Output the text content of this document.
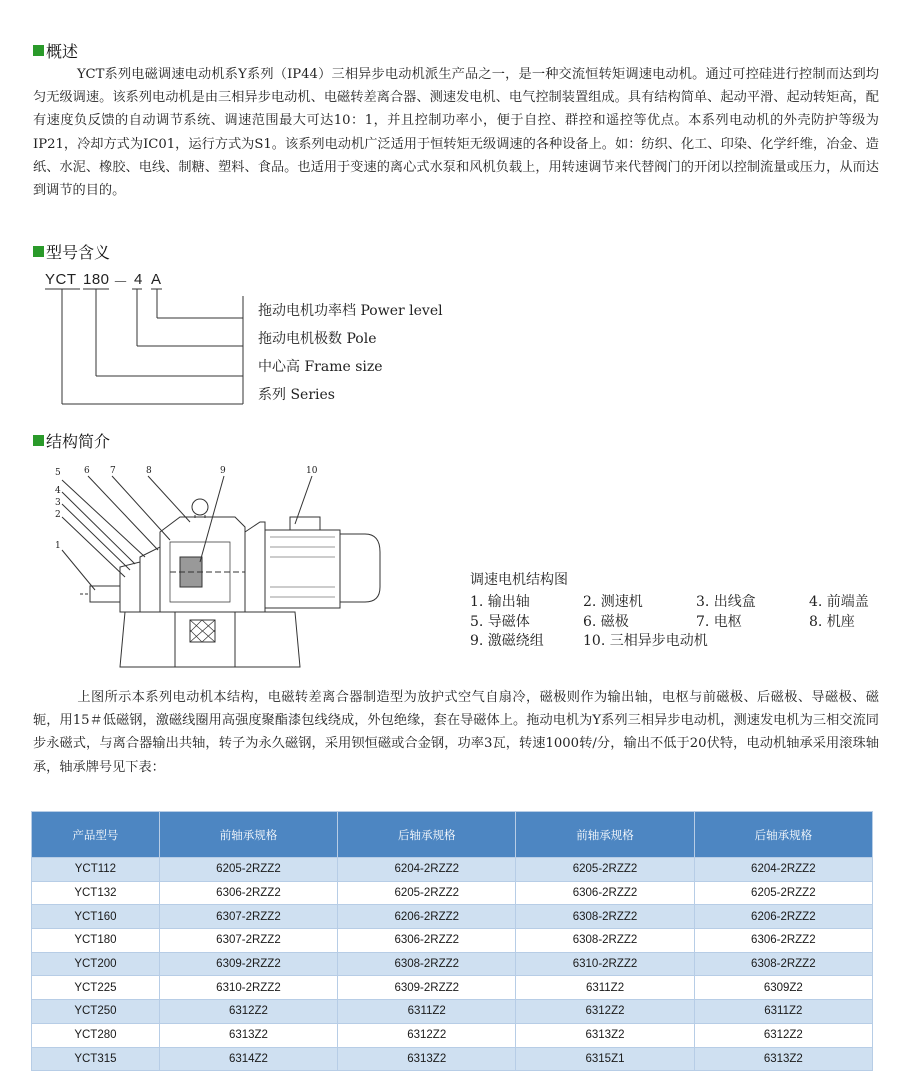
概述
YCT系列电磁调速电动机系Y系列（IP44）三相异步电动机派生产品之一，是一种交流恒转矩调速电动机。通过可控硅进行控制而达到均匀无级调速。该系列电动机是由三相异步电动机、电磁转差离合器、测速发电机、电气控制装置组成。具有结构简单、起动平滑、起动转矩高，配有速度负反馈的自动调节系统、调速范围最大可达10：1，并且控制功率小，便于自控、群控和遥控等优点。本系列电动机的外壳防护等级为IP21，冷却方式为IC01，运行方式为S1。该系列电动机广泛适用于恒转矩无级调速的各种设备上。如：纺织、化工、印染、化学纤维，冶金、造纸、水泥、橡胶、电线、制糖、塑料、食品。也适用于变速的离心式水泵和风机负载上，用转速调节来代替阀门的开闭以控制流量或压力，从而达到调节的目的。
型号含义
YCT 180 － 4 A
拖动电机功率档 Power level
拖动电机极数 Pole
中心高 Frame size
系列 Series
结构简介
1
2
3
4
5	6 7	8	9	10
调速电机结构图
1. 输出轴	2. 测速机	3. 出线盒	4. 前端盖
5. 导磁体	6. 磁极	7. 电枢	8. 机座
9. 激磁绕组	10. 三相异步电动机
上图所示本系列电动机本结构，电磁转差离合器制造型为放护式空气自扇冷，磁极则作为输出轴，电枢与前磁极、后磁极、导磁极、磁轭，用15＃低磁钢，激磁线圈用高强度聚酯漆包线绕成，外包绝缘，套在导磁体上。拖动电机为Y系列三相异步电动机，测速发电机为三相交流同步永磁式，与离合器输出共轴，转子为永久磁钢，采用钡恒磁或合金钢，功率3瓦，转速1000转/分，输出不低于20伏特，电动机轴承采用滚珠轴承，轴承牌号见下表：
产品型号	前轴承规格	后轴承规格	前轴承规格	后轴承规格
YCT112	6205-2RZZ2	6204-2RZZ2	6205-2RZZ2	6204-2RZZ2
YCT132	6306-2RZZ2	6205-2RZZ2	6306-2RZZ2	6205-2RZZ2
YCT160	6307-2RZZ2	6206-2RZZ2	6308-2RZZ2	6206-2RZZ2
YCT180	6307-2RZZ2	6306-2RZZ2	6308-2RZZ2	6306-2RZZ2
YCT200	6309-2RZZ2	6308-2RZZ2	6310-2RZZ2	6308-2RZZ2
YCT225	6310-2RZZ2	6309-2RZZ2	6311Z2	6309Z2
YCT250	6312Z2	6311Z2	6312Z2	6311Z2
YCT280	6313Z2	6312Z2	6313Z2	6312Z2
YCT315	6314Z2	6313Z2	6315Z1	6313Z2
